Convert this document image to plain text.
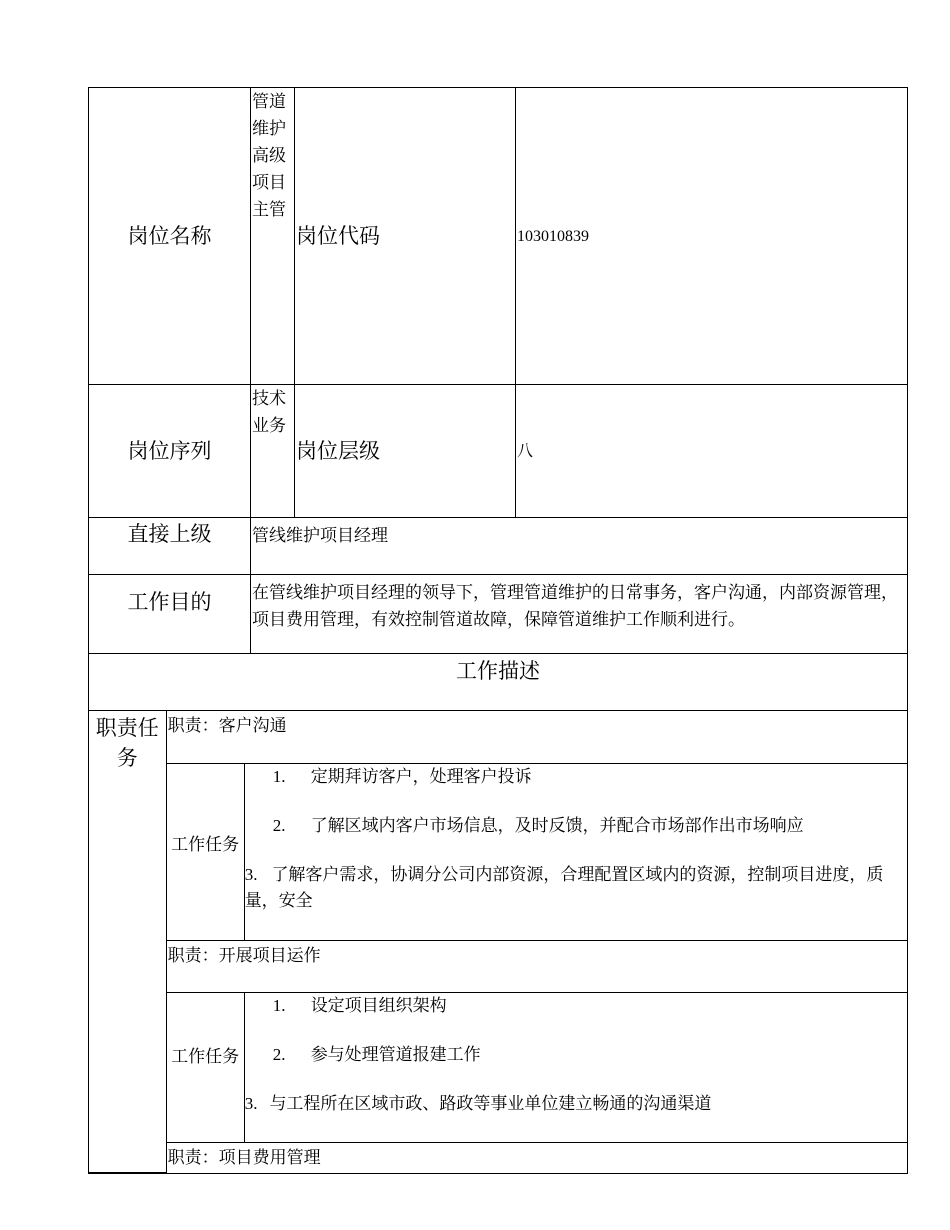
岗位名称	管道维护高级项目主管	岗位代码	103010839
岗位序列	技术业务	岗位层级	八
直接上级	管线维护项目经理
工作目的	在管线维护项目经理的领导下，管理管道维护的日常事务，客户沟通，内部资源管理，项目费用管理，有效控制管道故障，保障管道维护工作顺利进行。
工作描述

职责任务	职责：客户沟通
工作任务	
1. 定期拜访客户，处理客户投诉
2. 了解区域内客户市场信息，及时反馈，并配合市场部作出市场响应
3. 了解客户需求，协调分公司内部资源，合理配置区域内的资源，控制项目进度，质量，安全

职责：开展项目运作
工作任务	
1. 设定项目组织架构
2. 参与处理管道报建工作
3. 与工程所在区域市政、路政等事业单位建立畅通的沟通渠道

职责：项目费用管理
